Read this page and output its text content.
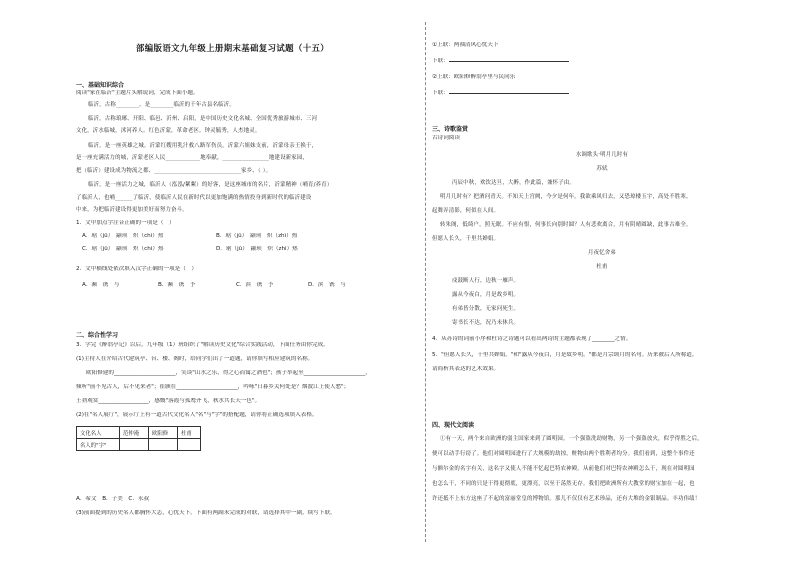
部编版语文九年级上册期末基础复习试题（十五）
一、基础知识综合
阅读"家在临沂"主题片头解说词，完成下面小题。
临沂，古称________，是________临沂的千年古县名临沂。
临沂，古称琅琊、开阳、临邑、沂州、启阳，是中国历史文化名城、全国优秀旅游城市、三河
文化，沂水临城，沭河养人。红色沂蒙，革命老区。钟灵毓秀，人杰地灵。
临沂，是一座英雄之城。沂蒙红嫂用乳汁救八路军伤员，沂蒙六姐妹支前，沂蒙母亲王换于，
是一座充满活力的城，沂蒙老区人民____________地奉献，________________地建设新家园，
把（临沂）建设成为物流之都、______________________________家乡、（ ）。
临沂，是一座活力之城，临沂人（泓泓/絮絮）的好客，是这座城市的名片，沂蒙精神（哺育/养育）
了临沂人，也哺______了临沂，使临沂人民在新时代以更加饱满的热情投身到新时代的临沂建设
中来，为把临沂建设得更加美好而努力奋斗。
1．文中加点字注音正确的一项是（　）
A．琚（jū）　颛顼　炽（chì）热	B．琚（jū）　颛顼　炽（zhì）热
C．琚（jū）　颛顼　炽（chì）热	D．琚（jū）　颛顼　炽（zhì）热
2．文中横线处依次填入汉字正确的一项是（　）
A．濒　镌　与	B．濒　镌　予	C．滨　镌　予	D．滨　镌　与
二、综合性学习
3．学完《醉翁亭记》以后，九年级（1）班组织了"解读历史文化"综合实践活动，下面任务由你完成。
(1)主持人在介绍古代建筑亭、台、楼、阁时，给同学们出了一道题，请你填写相应建筑的名称。
欧阳修建的______________________，笑谈"山水之乐，得之心而寓之酒也"；孩子举起至______________________，
倾听"前不见古人，后不见来者"；崔颢在______________________，吟咏"日暮乡关何处是？烟波江上使人愁"；
王勃观赏__________________，感慨"落霞与孤鹜齐飞，秋水共长天一色"。
(2)在"名人展厅"，展示厅上有一道古代文化名人"名"与"字"的搭配题，请你将正确选项填入表格。
文化名人	范仲淹	欧阳修	杜甫
名人的"字"			
A．希文　B．子美　C．永叔
(3)前面提到的历史名人都胸怀大志，心忧天下。下面有两副未完成的对联，请选择其中一副，续写下联。
①上联：两袖清风心忧天下
下联：
②上联：欧阳修醉翁亭里与民同乐
下联：
三、诗歌鉴赏
古诗词阅读
水调歌头·明月几时有
苏轼
丙辰中秋，欢饮达旦，大醉，作此篇，兼怀子由。
明月几时有？把酒问青天。不知天上宫阙，今夕是何年。我欲乘风归去，又恐琼楼玉宇，高处不胜寒。
起舞弄清影，何似在人间。
转朱阁，低绮户，照无眠。不应有恨，何事长向别时圆？人有悲欢离合，月有阴晴圆缺，此事古难全。
但愿人长久，千里共婵娟。
月夜忆舍弟
杜甫
戍鼓断人行，边秋一雁声。
露从今夜白，月是故乡明。
有弟皆分散，无家问死生。
寄书长不达，况乃未休兵。
4．从苏诗的词前小序和杜诗之诗题可以看出两诗的主题都表现了________之情。
5．"但愿人长久，千里共婵娟。"和"露从今夜白，月是故乡明。"都是月宗颂月的名句。历来被后人所称道。
请简析其表达的艺术效果。
四、现代文阅读
①有一天，两个来自欧洲的弱主国家来到了圆明园。一个强盗洗劫财物，另一个强盗放火，似乎得胜之后，
便可以动手行窃了。他们对圆明园进行了大规模的劫掠，赃物由两个胜利者均分。我们看到，这整个事件还
与额尔金的名字有关，这名字又使人不能不忆起巴特农神殿。从前他们对巴特农神殿怎么干，现在对圆明园
也怎么干，不同的只是干得更彻底，更漂亮，以至于荡然无存。我们把欧洲所有大教堂的财宝加在一起，也
许还抵不上东方这座了不起的富丽堂皇的博物馆。那儿不仅仅有艺术珍品，还有大堆的金银制品。丰功伟绩！
